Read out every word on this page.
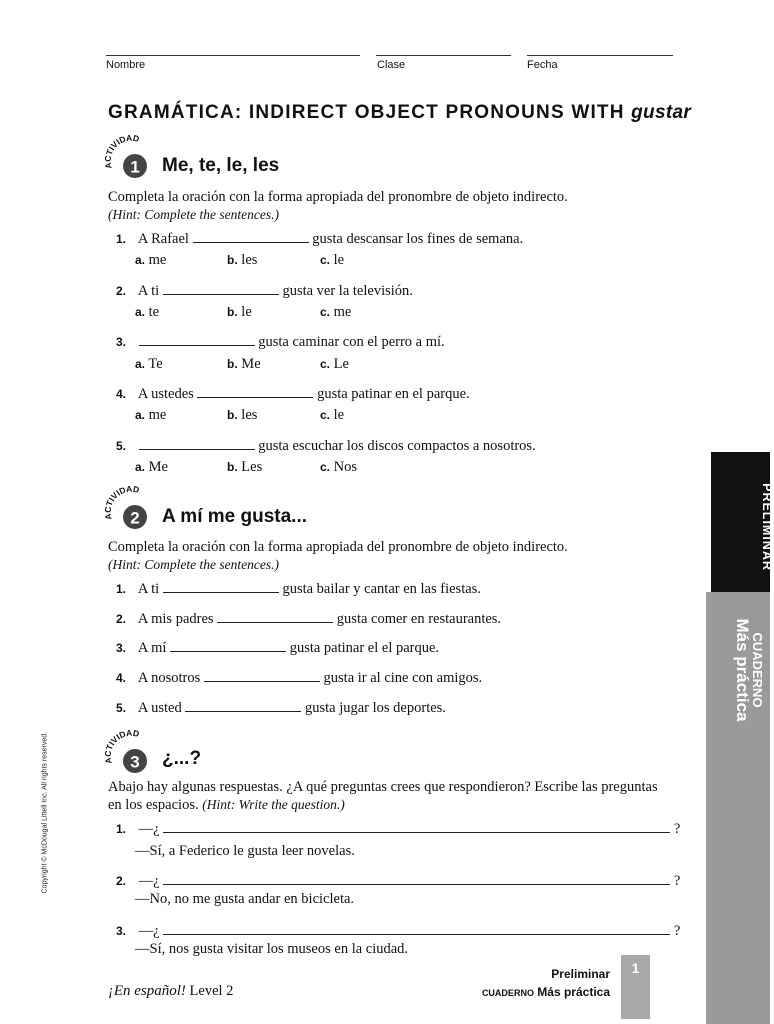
Nombre	Clase	Fecha
GRAMÁTICA: INDIRECT OBJECT PRONOUNS WITH gustar
ACTIVIDAD
1 Me, te, le, les
Completa la oración con la forma apropiada del pronombre de objeto indirecto.
(Hint: Complete the sentences.)
1. A Rafael	gusta descansar los fines de semana.
a. me	b. les	c. le
2. A ti	gusta ver la televisión.
a. te	b. le	c. me
3.	gusta caminar con el perro a mí.
a. Te	b. Me	c. Le
4. A ustedes	gusta patinar en el parque.
a. me	b. les	c. le
5.	gusta escuchar los discos compactos a nosotros.
a. Me	b. Les	c. Nos
ACTIVIDAD
2 A mí me gusta...
Completa la oración con la forma apropiada del pronombre de objeto indirecto.
(Hint: Complete the sentences.)
1. A ti	gusta bailar y cantar en las fiestas.
2. A mis padres	gusta comer en restaurantes.
3. A mí	gusta patinar el el parque.
4. A nosotros	gusta ir al cine con amigos.
5. A usted	gusta jugar los deportes.
ACTIVIDAD
3 ¿...?
Abajo hay algunas respuestas. ¿A qué preguntas crees que respondieron? Escribe las preguntas en los espacios. (Hint: Write the question.)
1. —¿	?
—Sí, a Federico le gusta leer novelas.
2. —¿	?
—No, no me gusta andar en bicicleta.
3. —¿	?
—Sí, nos gusta visitar los museos en la ciudad.
Copyright © McDougal Littell Inc. All rights reserved.
PRELIMINAR
CUADERNO
Más práctica
¡En español! Level 2
Preliminar
CUADERNO Más práctica
1
